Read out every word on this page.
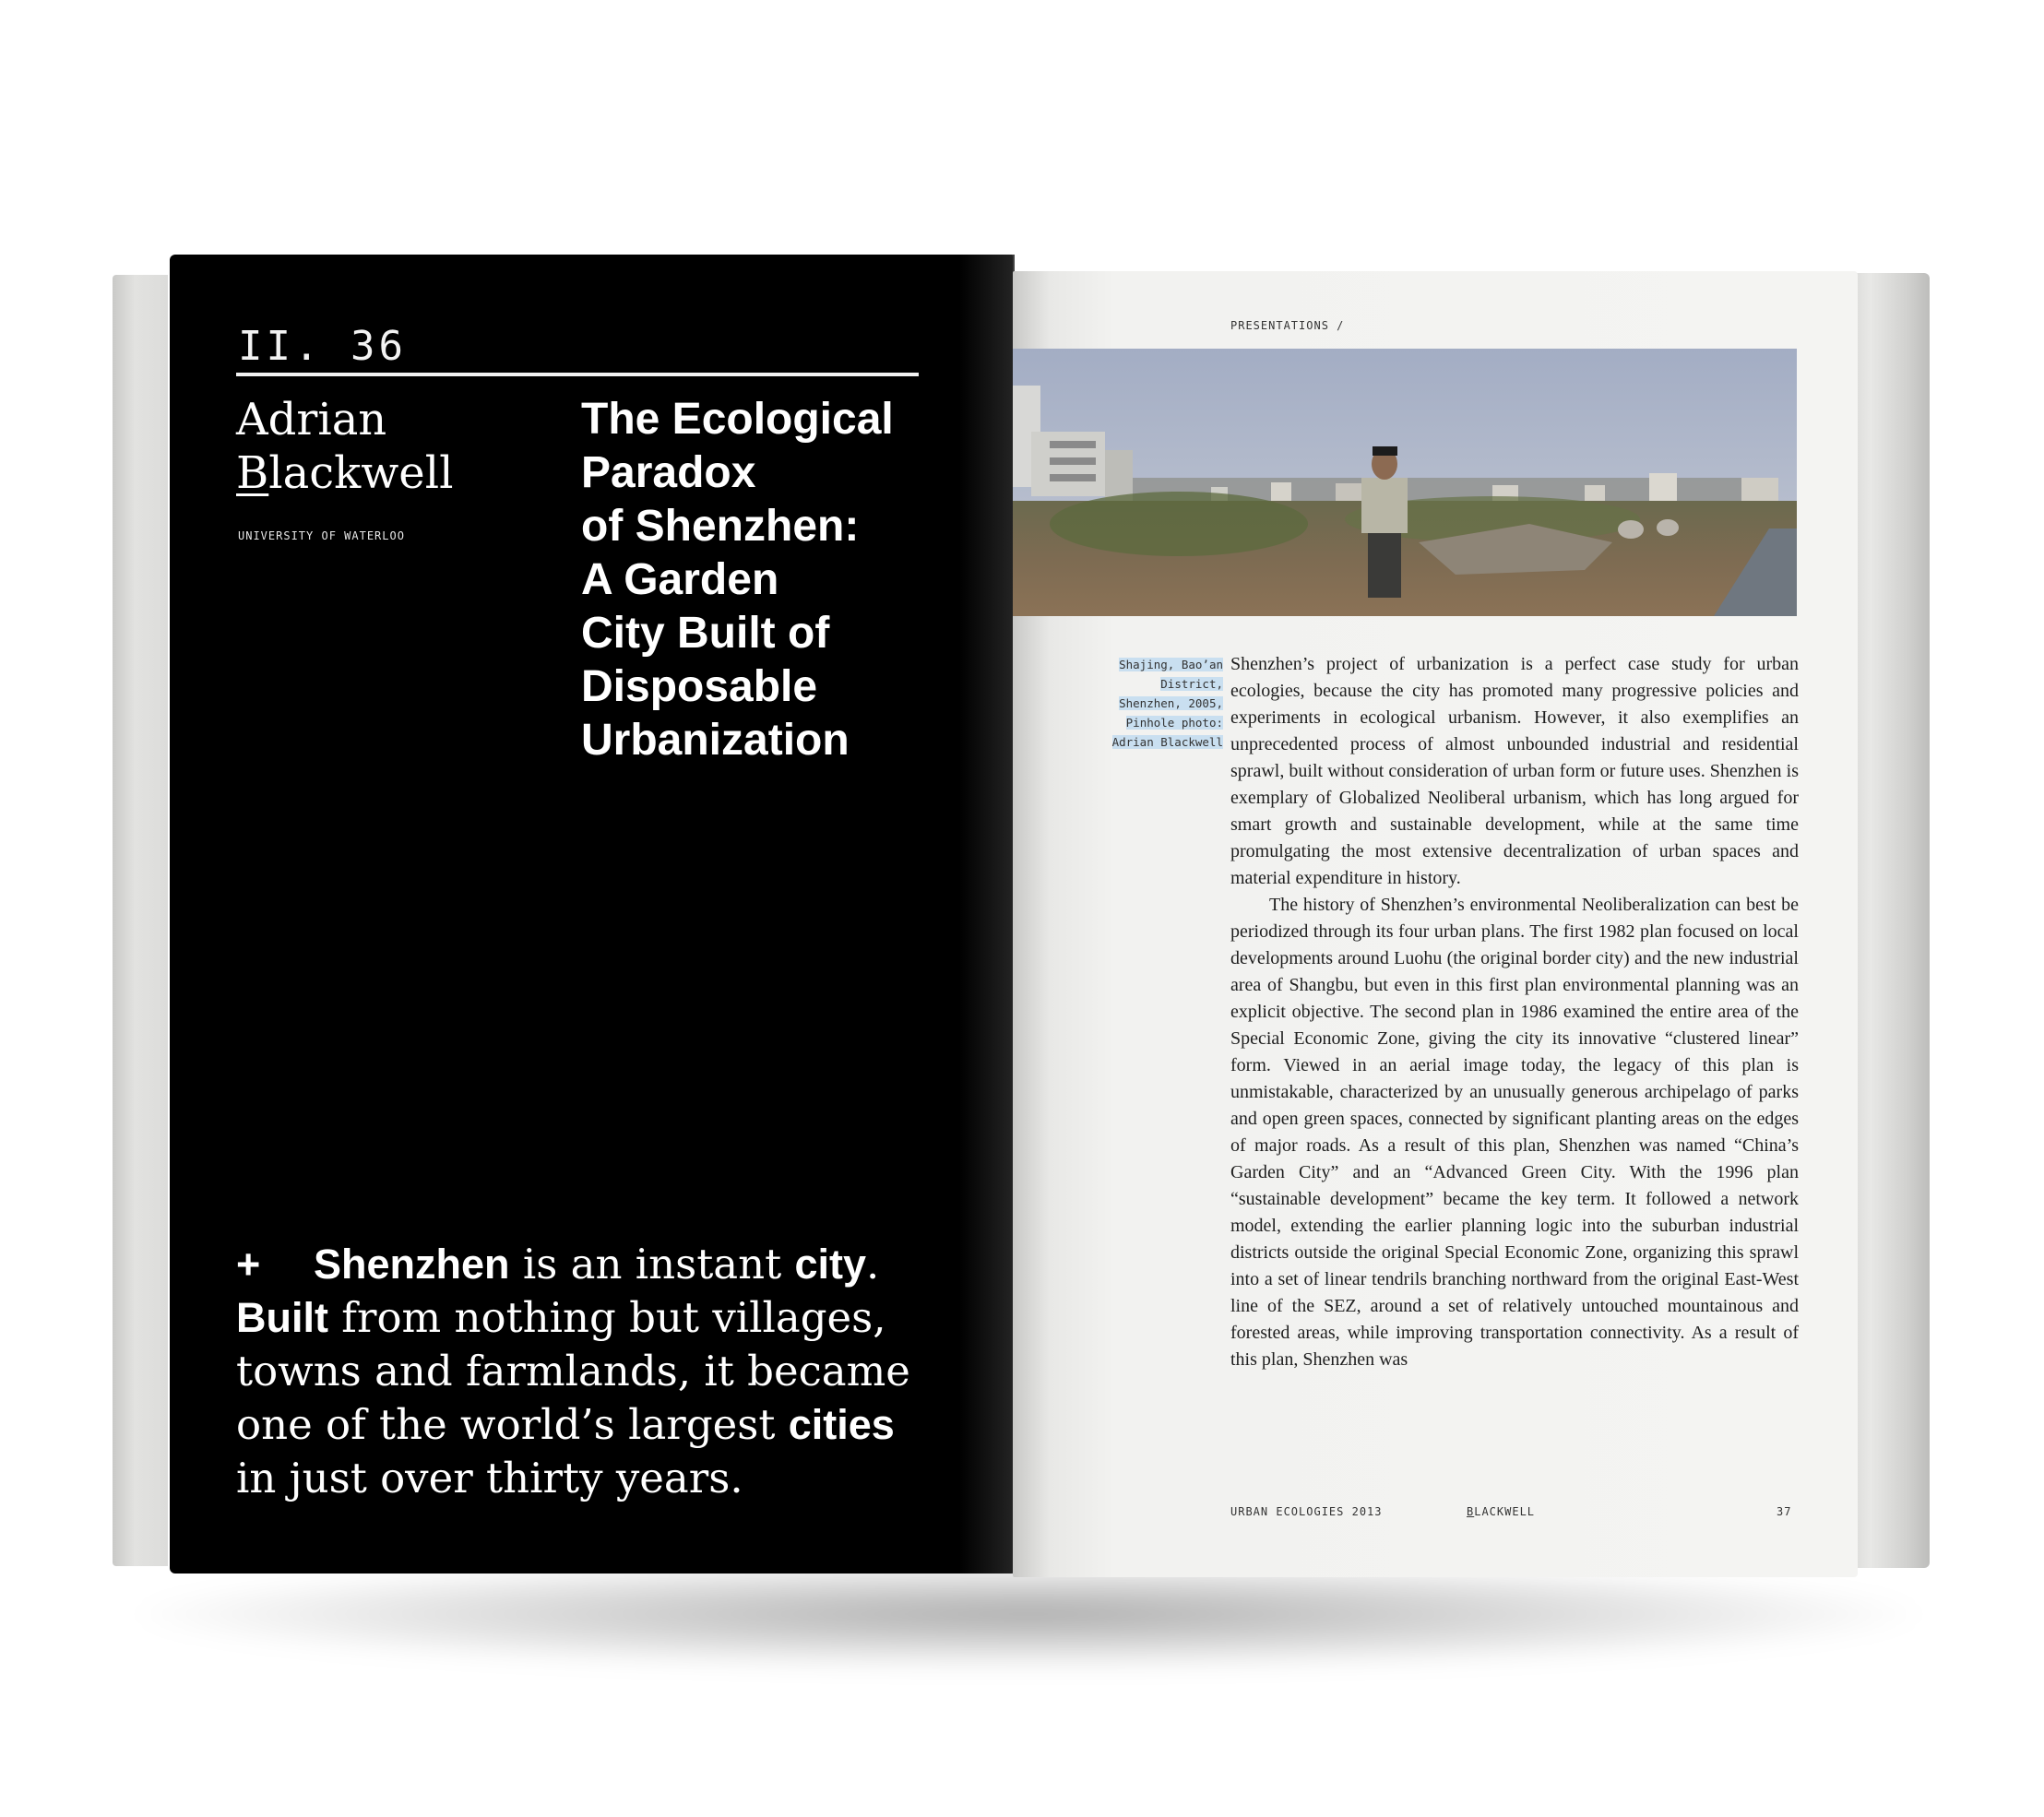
II. 36
Adrian
Blackwell
UNIVERSITY OF WATERLOO
The Ecological
Paradox
of Shenzhen:
A Garden
City Built of
Disposable
Urbanization
+ Shenzhen is an instant city.
Built from nothing but villages, towns and farmlands, it became one of the world’s largest cities in just over thirty years.
PRESENTATIONS /
Shajing, Bao’an
District,
Shenzhen, 2005,
Pinhole photo:
Adrian Blackwell

Shenzhen’s project of urbanization is a perfect case study for urban ecologies, because the city has promoted many progressive policies and experiments in ecological urbanism. However, it also exemplifies an unprecedented process of almost unbounded industrial and residential sprawl, built without consideration of urban form or future uses. Shenzhen is exemplary of Globalized Neoliberal urbanism, which has long argued for smart growth and sustainable development, while at the same time promulgating the most extensive decentralization of urban spaces and material expenditure in history.

The history of Shenzhen’s environmental Neoliberalization can best be periodized through its four urban plans. The first 1982 plan focused on local developments around Luohu (the original border city) and the new industrial area of Shangbu, but even in this first plan environmental planning was an explicit objective. The second plan in 1986 examined the entire area of the Special Economic Zone, giving the city its innovative “clustered linear” form. Viewed in an aerial image today, the legacy of this plan is unmistakable, characterized by an unusually generous archipelago of parks and open green spaces, connected by significant planting areas on the edges of major roads. As a result of this plan, Shenzhen was named “China’s Garden City” and an “Advanced Green City. With the 1996 plan “sustainable development” became the key term. It followed a network model, extending the earlier planning logic into the suburban industrial districts outside the original Special Economic Zone, organizing this sprawl into a set of linear tendrils branching northward from the original East-West line of the SEZ, around a set of relatively untouched mountainous and forested areas, while improving transportation connectivity. As a result of this plan, Shenzhen was

URBAN ECOLOGIES 2013	BLACKWELL	37
